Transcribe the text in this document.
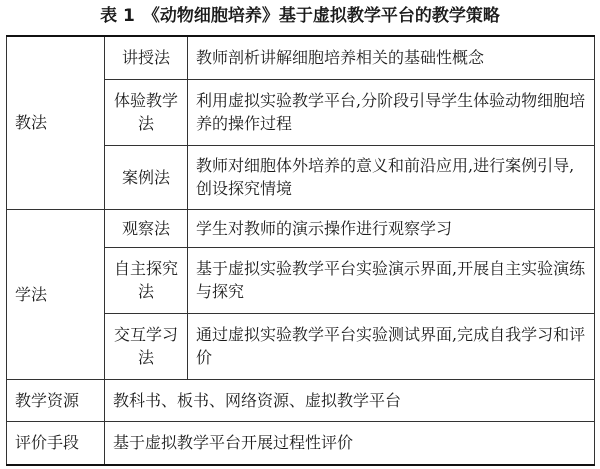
表 1 《动物细胞培养》基于虚拟教学平台的教学策略
教法	讲授法	教师剖析讲解细胞培养相关的基础性概念
	体验教学法	利用虚拟实验教学平台,分阶段引导学生体验动物细胞培养的操作过程
	案例法	教师对细胞体外培养的意义和前沿应用,进行案例引导,创设探究情境
学法	观察法	学生对教师的演示操作进行观察学习
	自主探究法	基于虚拟实验教学平台实验演示界面,开展自主实验演练与探究
	交互学习法	通过虚拟实验教学平台实验测试界面,完成自我学习和评价
教学资源	教科书、板书、网络资源、虚拟教学平台	
评价手段	基于虚拟教学平台开展过程性评价	
